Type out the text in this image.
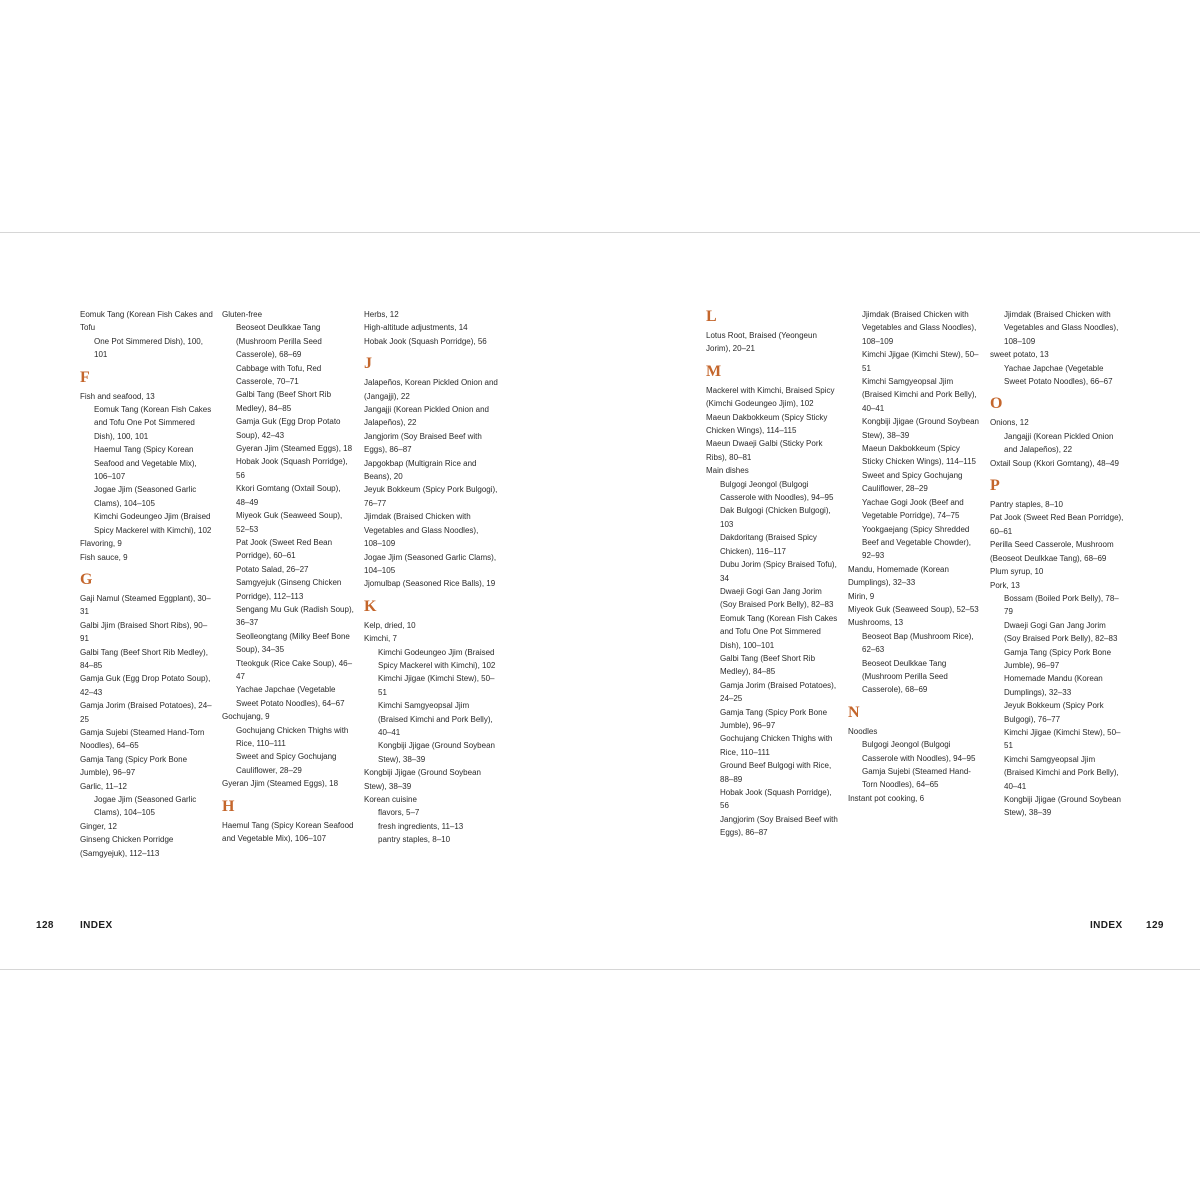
Eomuk Tang (Korean Fish Cakes and Tofu
One Pot Simmered Dish), 100, 101
F
Fish and seafood, 13
Eomuk Tang (Korean Fish Cakes and Tofu One Pot Simmered Dish), 100, 101
Haemul Tang (Spicy Korean Seafood and Vegetable Mix), 106–107
Jogae Jjim (Seasoned Garlic Clams), 104–105
Kimchi Godeungeo Jjim (Braised Spicy Mackerel with Kimchi), 102
Flavoring, 9
Fish sauce, 9
G
Gaji Namul (Steamed Eggplant), 30–31
Galbi Jjim (Braised Short Ribs), 90–91
Galbi Tang (Beef Short Rib Medley), 84–85
Gamja Guk (Egg Drop Potato Soup), 42–43
Gamja Jorim (Braised Potatoes), 24–25
Gamja Sujebi (Steamed Hand-Torn Noodles), 64–65
Gamja Tang (Spicy Pork Bone Jumble), 96–97
Garlic, 11–12
Jogae Jjim (Seasoned Garlic Clams), 104–105
Ginger, 12
Ginseng Chicken Porridge (Samgyejuk), 112–113
Gluten-free
Beoseot Deulkkae Tang (Mushroom Perilla Seed Casserole), 68–69
Cabbage with Tofu, Red Casserole, 70–71
Galbi Tang (Beef Short Rib Medley), 84–85
Gamja Guk (Egg Drop Potato Soup), 42–43
Gyeran Jjim (Steamed Eggs), 18
Hobak Jook (Squash Porridge), 56
Kkori Gomtang (Oxtail Soup), 48–49
Miyeok Guk (Seaweed Soup), 52–53
Pat Jook (Sweet Red Bean Porridge), 60–61
Potato Salad, 26–27
Samgyejuk (Ginseng Chicken Porridge), 112–113
Sengang Mu Guk (Radish Soup), 36–37
Seolleongtang (Milky Beef Bone Soup), 34–35
Tteokguk (Rice Cake Soup), 46–47
Yachae Japchae (Vegetable Sweet Potato Noodles), 64–67
Gochujang, 9
Gochujang Chicken Thighs with Rice, 110–111
Sweet and Spicy Gochujang Cauliflower, 28–29
Gyeran Jjim (Steamed Eggs), 18
H
Haemul Tang (Spicy Korean Seafood and Vegetable Mix), 106–107
Herbs, 12
High-altitude adjustments, 14
Hobak Jook (Squash Porridge), 56
J
Jalapeños, Korean Pickled Onion and (Jangajji), 22
Jangajji (Korean Pickled Onion and Jalapeños), 22
Jangjorim (Soy Braised Beef with Eggs), 86–87
Japgokbap (Multigrain Rice and Beans), 20
Jeyuk Bokkeum (Spicy Pork Bulgogi), 76–77
Jjimdak (Braised Chicken with Vegetables and Glass Noodles), 108–109
Jogae Jjim (Seasoned Garlic Clams), 104–105
Jjomulbap (Seasoned Rice Balls), 19
K
Kelp, dried, 10
Kimchi, 7
Kimchi Godeungeo Jjim (Braised Spicy Mackerel with Kimchi), 102
Kimchi Jjigae (Kimchi Stew), 50–51
Kimchi Samgyeopsal Jjim (Braised Kimchi and Pork Belly), 40–41
Kongbiji Jjigae (Ground Soybean Stew), 38–39
Kongbiji Jjigae (Ground Soybean Stew), 38–39
Korean cuisine
flavors, 5–7
fresh ingredients, 11–13
pantry staples, 8–10
L
Lotus Root, Braised (Yeongeun Jorim), 20–21
M
Mackerel with Kimchi, Braised Spicy (Kimchi Godeungeo Jjim), 102
Maeun Dakbokkeum (Spicy Sticky Chicken Wings), 114–115
Maeun Dwaeji Galbi (Sticky Pork Ribs), 80–81
Main dishes
Bulgogi Jeongol (Bulgogi Casserole with Noodles), 94–95
Dak Bulgogi (Chicken Bulgogi), 103
Dakdoritang (Braised Spicy Chicken), 116–117
Dubu Jorim (Spicy Braised Tofu), 34
Dwaeji Gogi Gan Jang Jorim (Soy Braised Pork Belly), 82–83
Eomuk Tang (Korean Fish Cakes and Tofu One Pot Simmered Dish), 100–101
Galbi Tang (Beef Short Rib Medley), 84–85
Gamja Jorim (Braised Potatoes), 24–25
Gamja Tang (Spicy Pork Bone Jumble), 96–97
Gochujang Chicken Thighs with Rice, 110–111
Ground Beef Bulgogi with Rice, 88–89
Hobak Jook (Squash Porridge), 56
Jangjorim (Soy Braised Beef with Eggs), 86–87
Jjimdak (Braised Chicken with Vegetables and Glass Noodles), 108–109
Kimchi Jjigae (Kimchi Stew), 50–51
Kimchi Samgyeopsal Jjim (Braised Kimchi and Pork Belly), 40–41
Kongbiji Jjigae (Ground Soybean Stew), 38–39
Maeun Dakbokkeum (Spicy Sticky Chicken Wings), 114–115
Sweet and Spicy Gochujang Cauliflower, 28–29
Yachae Gogi Jook (Beef and Vegetable Porridge), 74–75
Yookgaejang (Spicy Shredded Beef and Vegetable Chowder), 92–93
Mandu, Homemade (Korean Dumplings), 32–33
Mirin, 9
Miyeok Guk (Seaweed Soup), 52–53
Mushrooms, 13
Beoseot Bap (Mushroom Rice), 62–63
Beoseot Deulkkae Tang (Mushroom Perilla Seed Casserole), 68–69
N
Noodles
Bulgogi Jeongol (Bulgogi Casserole with Noodles), 94–95
Gamja Sujebi (Steamed Hand-Torn Noodles), 64–65
Instant pot cooking, 6
Jjimdak (Braised Chicken with Vegetables and Glass Noodles), 108–109
sweet potato, 13
Yachae Japchae (Vegetable Sweet Potato Noodles), 66–67
O
Onions, 12
Jangajji (Korean Pickled Onion and Jalapeños), 22
Oxtail Soup (Kkori Gomtang), 48–49
P
Pantry staples, 8–10
Pat Jook (Sweet Red Bean Porridge), 60–61
Perilla Seed Casserole, Mushroom (Beoseot Deulkkae Tang), 68–69
Plum syrup, 10
Pork, 13
Bossam (Boiled Pork Belly), 78–79
Dwaeji Gogi Gan Jang Jorim (Soy Braised Pork Belly), 82–83
Gamja Tang (Spicy Pork Bone Jumble), 96–97
Homemade Mandu (Korean Dumplings), 32–33
Jeyuk Bokkeum (Spicy Pork Bulgogi), 76–77
Kimchi Jjigae (Kimchi Stew), 50–51
Kimchi Samgyeopsal Jjim (Braised Kimchi and Pork Belly), 40–41
Kongbiji Jjigae (Ground Soybean Stew), 38–39
128	INDEX	INDEX 129
